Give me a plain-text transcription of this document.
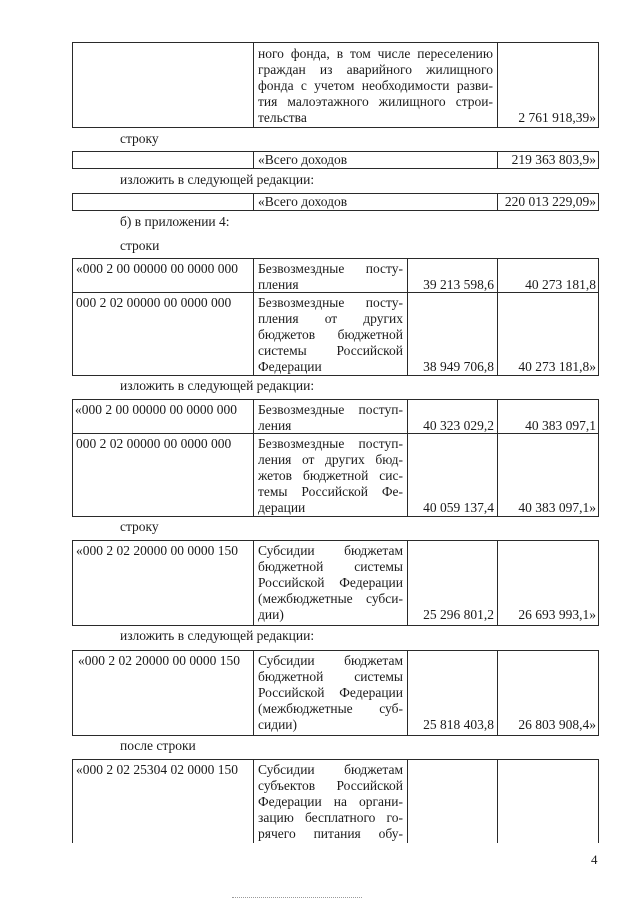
ного фонда, в том числе переселению
граждан из аварийного жилищного
фонда с учетом необходимости разви-
тия малоэтажного жилищного строи-
тельства	2 761 918,39»
строку
«Всего доходов	219 363 803,9»
изложить в следующей редакции:
«Всего доходов	220 013 229,09»
б) в приложении 4:
строки
«000 2 00 00000 00 0000 000 Безвозмездные посту-
пления	39 213 598,6	40 273 181,8
000 2 02 00000 00 0000 000 Безвозмездные посту-
пления от других
бюджетов бюджетной
системы Российской
Федерации	38 949 706,8	40 273 181,8»
изложить в следующей редакции:
«000 2 00 00000 00 0000 000 Безвозмездные поступ-
ления	40 323 029,2	40 383 097,1
000 2 02 00000 00 0000 000 Безвозмездные поступ-
ления от других бюд-
жетов бюджетной сис-
темы Российской Фе-
дерации	40 059 137,4	40 383 097,1»
строку
«000 2 02 20000 00 0000 150 Субсидии бюджетам
бюджетной системы
Российской Федерации
(межбюджетные субси-
дии)	25 296 801,2	26 693 993,1»
изложить в следующей редакции:
«000 2 02 20000 00 0000 150 Субсидии бюджетам
бюджетной системы
Российской Федерации
(межбюджетные суб-
сидии)	25 818 403,8	26 803 908,4»
после строки
«000 2 02 25304 02 0000 150 Субсидии бюджетам
субъектов Российской
Федерации на органи-
зацию бесплатного го-
рячего питания обу-
4
